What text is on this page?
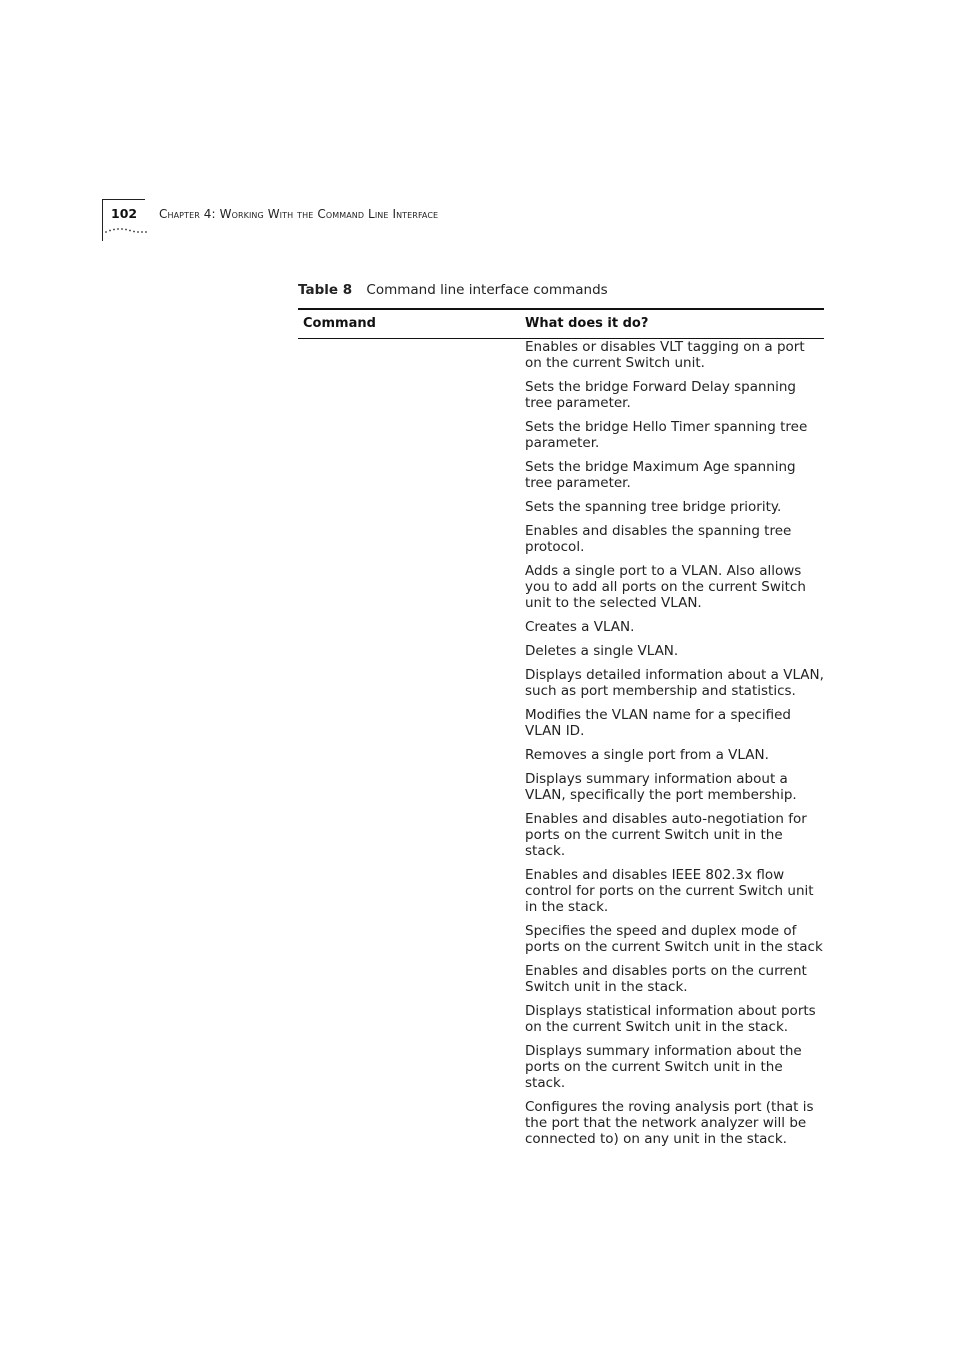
102 Chapter 4: Working With the Command Line Interface
Table 8 Command line interface commands
Command	What does it do?
Enables or disables VLT tagging on a port on the current Switch unit.
Sets the bridge Forward Delay spanning tree parameter.
Sets the bridge Hello Timer spanning tree parameter.
Sets the bridge Maximum Age spanning tree parameter.
Sets the spanning tree bridge priority.
Enables and disables the spanning tree protocol.
Adds a single port to a VLAN. Also allows you to add all ports on the current Switch unit to the selected VLAN.
Creates a VLAN.
Deletes a single VLAN.
Displays detailed information about a VLAN, such as port membership and statistics.
Modifies the VLAN name for a specified VLAN ID.
Removes a single port from a VLAN.
Displays summary information about a VLAN, specifically the port membership.
Enables and disables auto-negotiation for ports on the current Switch unit in the stack.
Enables and disables IEEE 802.3x flow control for ports on the current Switch unit in the stack.
Specifies the speed and duplex mode of ports on the current Switch unit in the stack
Enables and disables ports on the current Switch unit in the stack.
Displays statistical information about ports on the current Switch unit in the stack.
Displays summary information about the ports on the current Switch unit in the stack.
Configures the roving analysis port (that is the port that the network analyzer will be connected to) on any unit in the stack.
